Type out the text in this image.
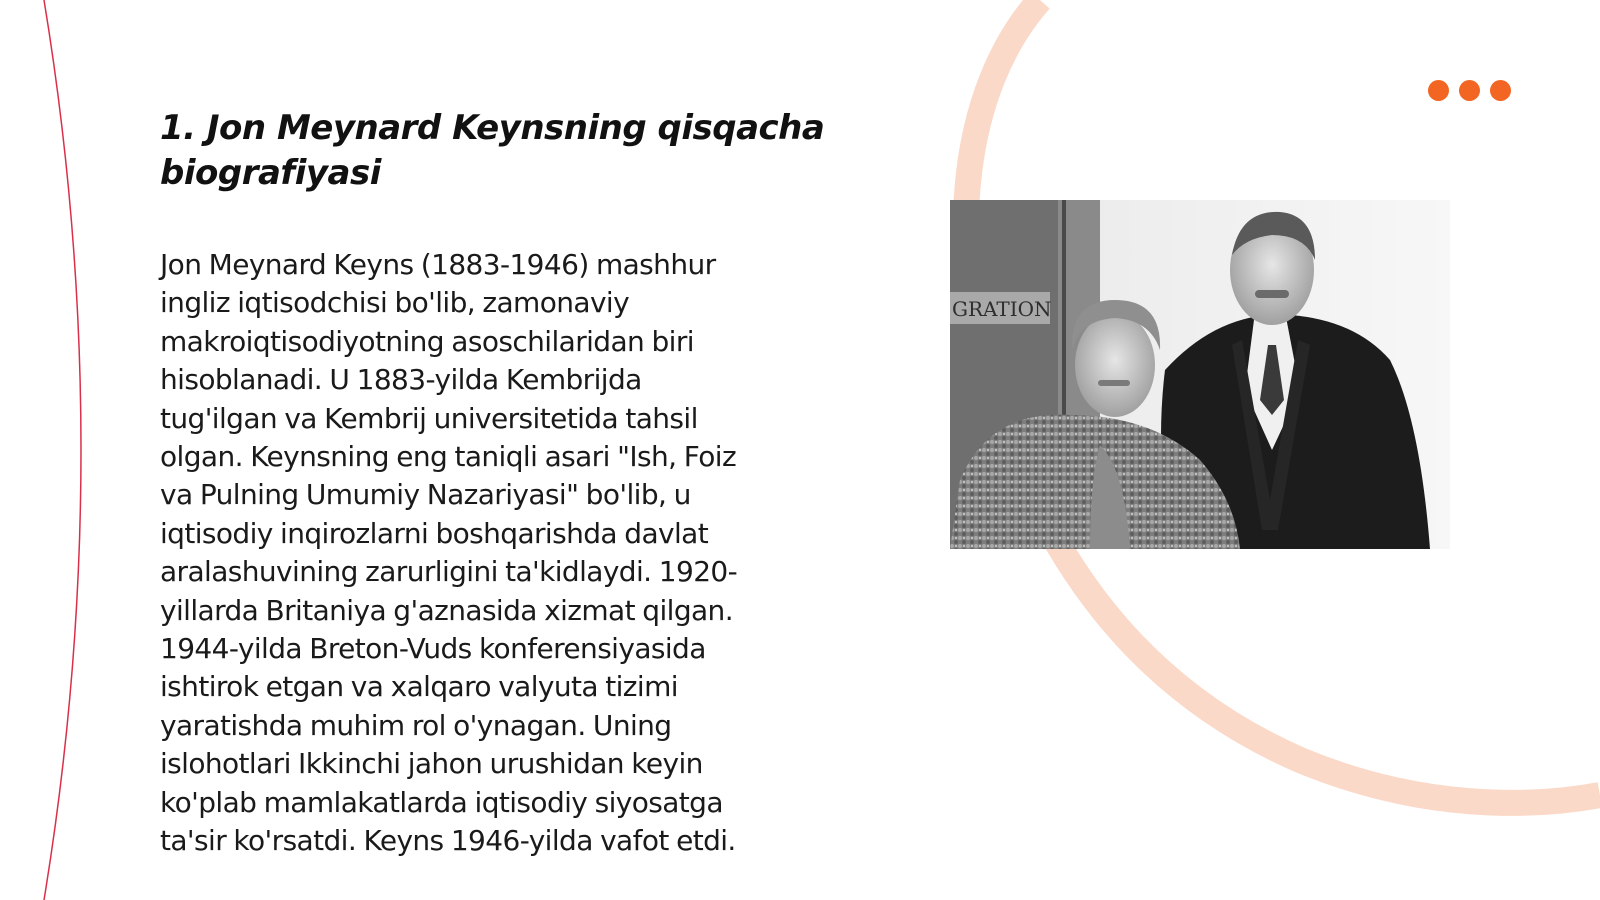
1. Jon Meynard Keynsning qisqacha
biografiyasi
Jon Meynard Keyns (1883-1946) mashhur
ingliz iqtisodchisi bo'lib, zamonaviy
makroiqtisodiyotning asoschilaridan biri
hisoblanadi. U 1883-yilda Kembrijda
tug'ilgan va Kembrij universitetida tahsil
olgan. Keynsning eng taniqli asari "Ish, Foiz
va Pulning Umumiy Nazariyasi" bo'lib, u
iqtisodiy inqirozlarni boshqarishda davlat
aralashuvining zarurligini ta'kidlaydi. 1920-
yillarda Britaniya g'aznasida xizmat qilgan.
1944-yilda Breton-Vuds konferensiyasida
ishtirok etgan va xalqaro valyuta tizimi
yaratishda muhim rol o'ynagan. Uning
islohotlari Ikkinchi jahon urushidan keyin
ko'plab mamlakatlarda iqtisodiy siyosatga
ta'sir ko'rsatdi. Keyns 1946-yilda vafot etdi.
GRATION
